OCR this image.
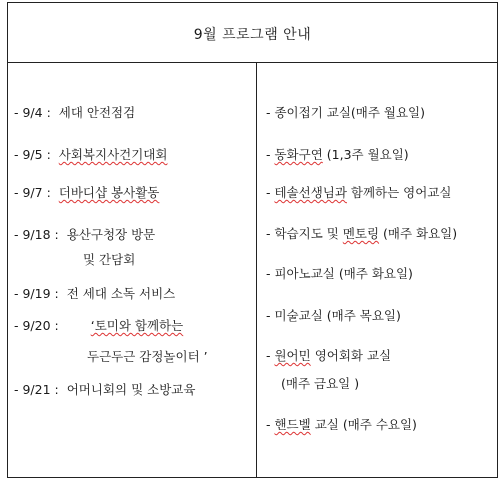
9월 프로그램 안내
- 9/4 : 세대 안전점검
- 9/5 : 사회복지사건기대회
- 9/7 : 더바디샵 봉사활동
- 9/18 : 용산구청장 방문
및 간담회
- 9/19 : 전 세대 소독 서비스
- 9/20 :	‘토미와 함께하는
두근두근 감정놀이터 ’
- 9/21 : 어머니회의 및 소방교육
- 종이접기 교실(매주 월요일)
- 동화구연 (1,3주 월요일)
- 테솔선생님과 함께하는 영어교실
- 학습지도 및 멘토링 (매주 화요일)
- 피아노교실 (매주 화요일)
- 미술교실 (매주 목요일)
- 원어민 영어회화 교실
(매주 금요일 )
- 핸드벨 교실 (매주 수요일)
